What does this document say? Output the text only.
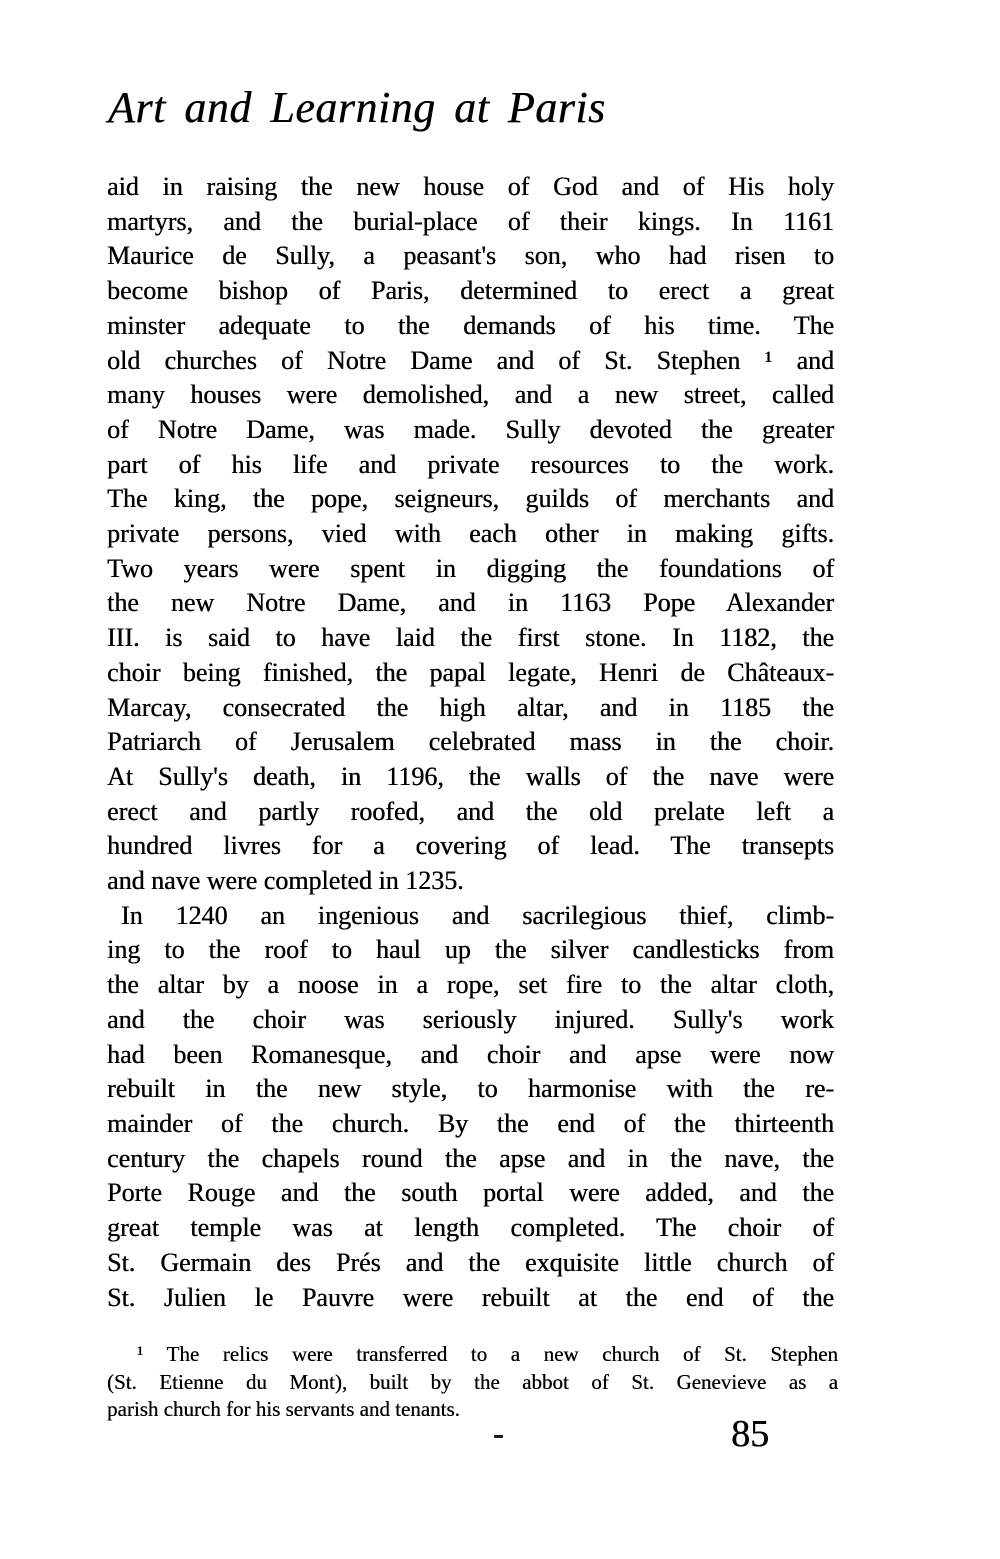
Art and Learning at Paris
aid in raising the new house of God and of His holy
martyrs, and the burial-place of their kings. In 1161
Maurice de Sully, a peasant's son, who had risen to
become bishop of Paris, determined to erect a great
minster adequate to the demands of his time. The
old churches of Notre Dame and of St. Stephen ¹ and
many houses were demolished, and a new street, called
of Notre Dame, was made. Sully devoted the greater
part of his life and private resources to the work.
The king, the pope, seigneurs, guilds of merchants and
private persons, vied with each other in making gifts.
Two years were spent in digging the foundations of
the new Notre Dame, and in 1163 Pope Alexander
III. is said to have laid the first stone. In 1182, the
choir being finished, the papal legate, Henri de Châteaux-
Marcay, consecrated the high altar, and in 1185 the
Patriarch of Jerusalem celebrated mass in the choir.
At Sully's death, in 1196, the walls of the nave were
erect and partly roofed, and the old prelate left a
hundred livres for a covering of lead. The transepts
and nave were completed in 1235.
In 1240 an ingenious and sacrilegious thief, climb-
ing to the roof to haul up the silver candlesticks from
the altar by a noose in a rope, set fire to the altar cloth,
and the choir was seriously injured. Sully's work
had been Romanesque, and choir and apse were now
rebuilt in the new style, to harmonise with the re-
mainder of the church. By the end of the thirteenth
century the chapels round the apse and in the nave, the
Porte Rouge and the south portal were added, and the
great temple was at length completed. The choir of
St. Germain des Prés and the exquisite little church of
St. Julien le Pauvre were rebuilt at the end of the
¹ The relics were transferred to a new church of St. Stephen
(St. Etienne du Mont), built by the abbot of St. Genevieve as a
parish church for his servants and tenants.
85
